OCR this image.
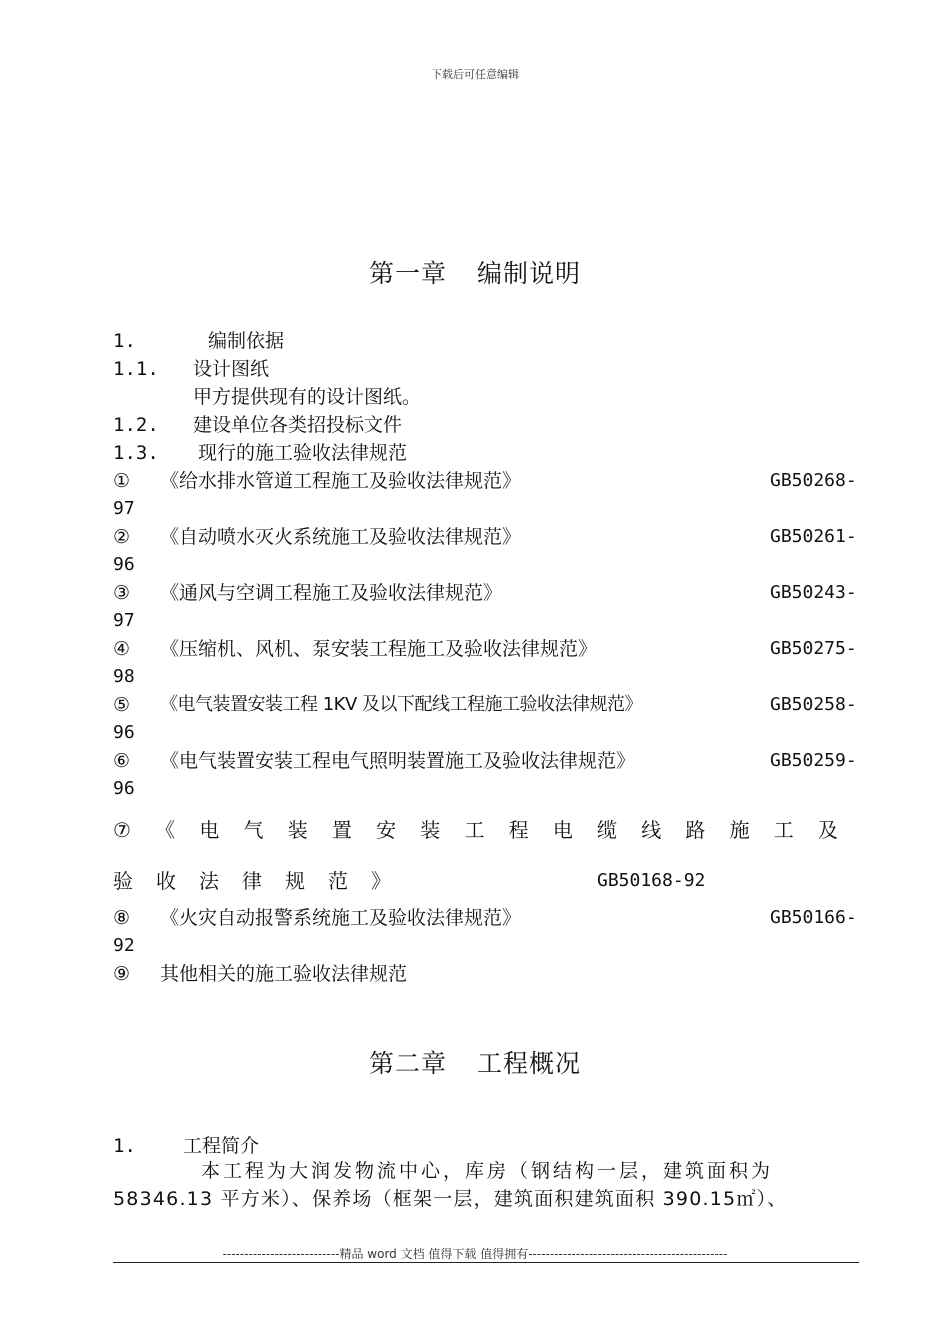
下载后可任意编辑
第一章 编制说明
1.	编制依据
1.1. 设计图纸
甲方提供现有的设计图纸。
1.2. 建设单位各类招投标文件
1.3. 现行的施工验收法律规范
① 《给水排水管道工程施工及验收法律规范》	GB50268-
97
② 《自动喷水灭火系统施工及验收法律规范》	GB50261-
96
③ 《通风与空调工程施工及验收法律规范》	GB50243-
97
④ 《压缩机、风机、泵安装工程施工及验收法律规范》	GB50275-
98
⑤ 《电气装置安装工程 1KV 及以下配线工程施工验收法律规范》	GB50258-
96
⑥ 《电气装置安装工程电气照明装置施工及验收法律规范》	GB50259-
96
⑦ 《 电 气 装 置 安 装 工 程 电 缆 线 路 施 工 及
验	收	法	律	规	范	》	GB50168-92
⑧ 《火灾自动报警系统施工及验收法律规范》	GB50166-
92
⑨ 其他相关的施工验收法律规范
第二章 工程概况
1. 工程简介
本工程为大润发物流中心，库房（钢结构一层，建筑面积为
58346.13 平方米）、保养场（框架一层，建筑面积建筑面积 390.15㎡）、
---------------------------精品 word 文档 值得下载 值得拥有----------------------------------------------
